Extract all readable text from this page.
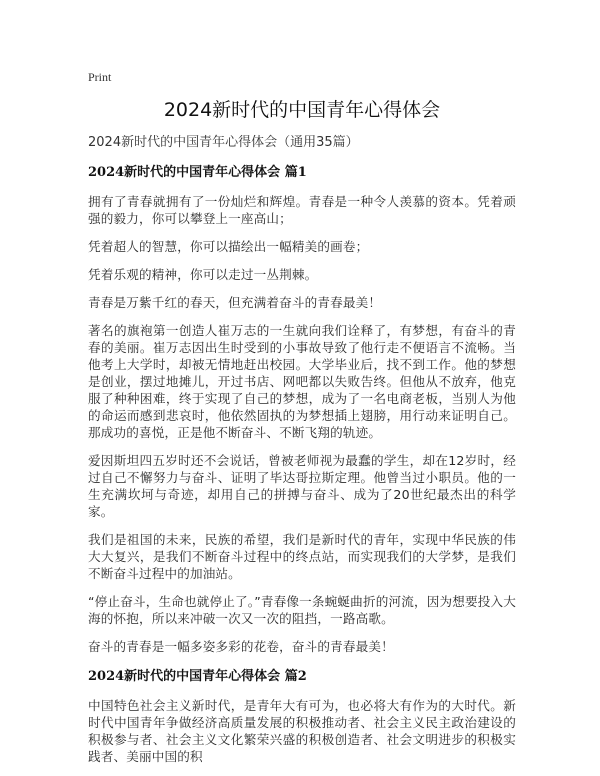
Print
2024新时代的中国青年心得体会

2024新时代的中国青年心得体会（通用35篇）

2024新时代的中国青年心得体会 篇1

拥有了青春就拥有了一份灿烂和辉煌。青春是一种令人羡慕的资本。凭着顽强的毅力，你可以攀登上一座高山；

凭着超人的智慧，你可以描绘出一幅精美的画卷；

凭着乐观的精神，你可以走过一丛荆棘。

青春是万紫千红的春天，但充满着奋斗的青春最美！

著名的旗袍第一创造人崔万志的一生就向我们诠释了，有梦想，有奋斗的青春的美丽。崔万志因出生时受到的小事故导致了他行走不便语言不流畅。当他考上大学时，却被无情地赶出校园。大学毕业后，找不到工作。他的梦想是创业，摆过地摊儿，开过书店、网吧都以失败告终。但他从不放弃，他克服了种种困难，终于实现了自己的梦想，成为了一名电商老板，当别人为他的命运而感到悲哀时，他依然固执的为梦想插上翅膀，用行动来证明自己。那成功的喜悦，正是他不断奋斗、不断飞翔的轨迹。

爱因斯坦四五岁时还不会说话，曾被老师视为最蠢的学生，却在12岁时，经过自己不懈努力与奋斗、证明了毕达哥拉斯定理。他曾当过小职员。他的一生充满坎坷与奇迹，却用自己的拼搏与奋斗、成为了20世纪最杰出的科学家。

我们是祖国的未来，民族的希望，我们是新时代的青年，实现中华民族的伟大大复兴，是我们不断奋斗过程中的终点站，而实现我们的大学梦，是我们不断奋斗过程中的加油站。

“停止奋斗，生命也就停止了。”青春像一条蜿蜒曲折的河流，因为想要投入大海的怀抱，所以来冲破一次又一次的阻挡，一路高歌。

奋斗的青春是一幅多姿多彩的花卷，奋斗的青春最美！

2024新时代的中国青年心得体会 篇2

中国特色社会主义新时代，是青年大有可为，也必将大有作为的大时代。新时代中国青年争做经济高质量发展的积极推动者、社会主义民主政治建设的积极参与者、社会主义文化繁荣兴盛的积极创造者、社会文明进步的积极实践者、美丽中国的积
